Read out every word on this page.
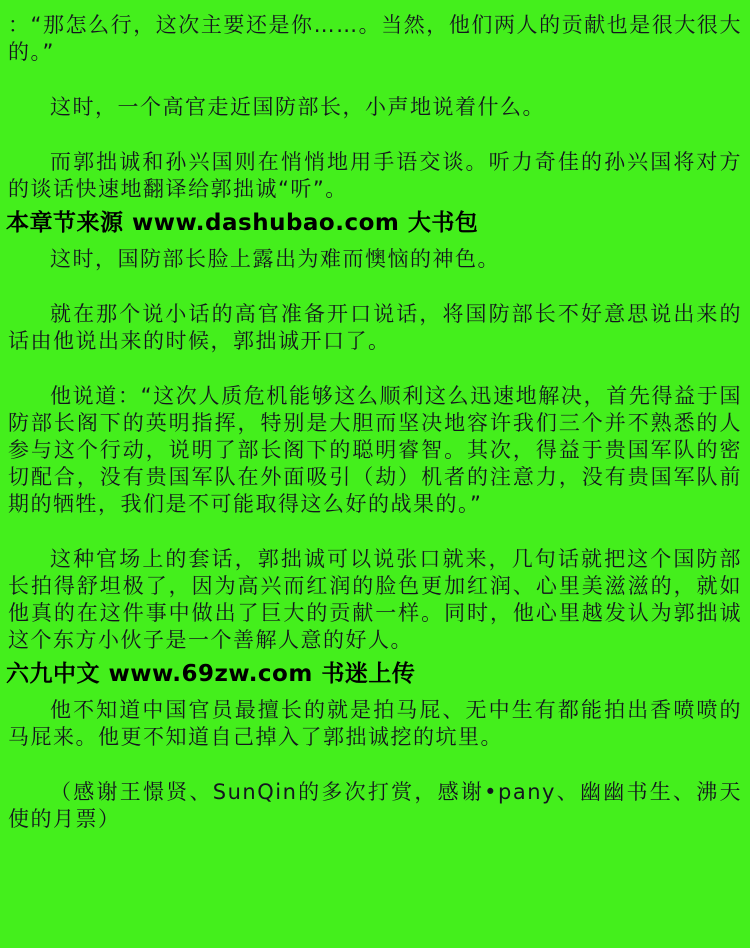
：“那怎么行，这次主要还是你……。当然，他们两人的贡献也是很大很大的。”

这时，一个高官走近国防部长，小声地说着什么。

而郭拙诚和孙兴国则在悄悄地用手语交谈。听力奇佳的孙兴国将对方的谈话快速地翻译给郭拙诚“听”。

本章节来源 www.dashubao.com 大书包

这时，国防部长脸上露出为难而懊恼的神色。

就在那个说小话的高官准备开口说话，将国防部长不好意思说出来的话由他说出来的时候，郭拙诚开口了。

他说道：“这次人质危机能够这么顺利这么迅速地解决，首先得益于国防部长阁下的英明指挥，特别是大胆而坚决地容许我们三个并不熟悉的人参与这个行动，说明了部长阁下的聪明睿智。其次，得益于贵国军队的密切配合，没有贵国军队在外面吸引（劫）机者的注意力，没有贵国军队前期的牺牲，我们是不可能取得这么好的战果的。”

这种官场上的套话，郭拙诚可以说张口就来，几句话就把这个国防部长拍得舒坦极了，因为高兴而红润的脸色更加红润、心里美滋滋的，就如他真的在这件事中做出了巨大的贡献一样。同时，他心里越发认为郭拙诚这个东方小伙子是一个善解人意的好人。

六九中文 www.69zw.com 书迷上传

他不知道中国官员最擅长的就是拍马屁、无中生有都能拍出香喷喷的马屁来。他更不知道自己掉入了郭拙诚挖的坑里。

（感谢王憬贤、SunQin的多次打赏，感谢•pany、幽幽书生、沸天使的月票）
